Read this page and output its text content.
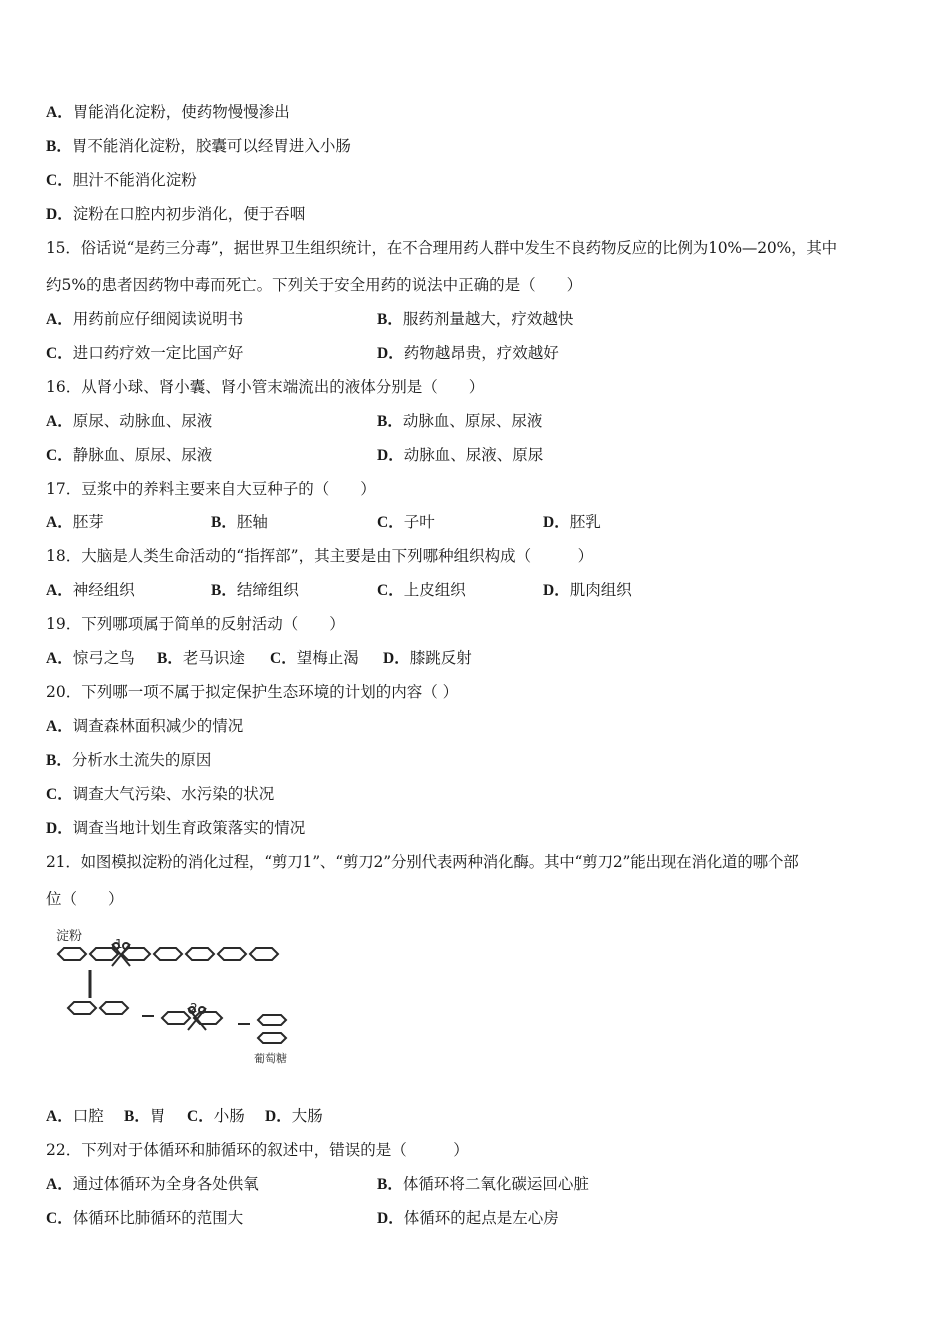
A．胃能消化淀粉，使药物慢慢渗出
B．胃不能消化淀粉，胶囊可以经胃进入小肠
C．胆汁不能消化淀粉
D．淀粉在口腔内初步消化，便于吞咽
15．俗话说“是药三分毒”，据世界卫生组织统计，在不合理用药人群中发生不良药物反应的比例为10%—20%，其中
约5%的患者因药物中毒而死亡。下列关于安全用药的说法中正确的是（　　）
A．用药前应仔细阅读说明书	B．服药剂量越大，疗效越快
C．进口药疗效一定比国产好	D．药物越昂贵，疗效越好
16．从肾小球、肾小囊、肾小管末端流出的液体分别是（　　）
A．原尿、动脉血、尿液	B．动脉血、原尿、尿液
C．静脉血、原尿、尿液	D．动脉血、尿液、原尿
17．豆浆中的养料主要来自大豆种子的（　　）
A．胚芽	B．胚轴	C．子叶	D．胚乳
18．大脑是人类生命活动的“指挥部”，其主要是由下列哪种组织构成（　　　）
A．神经组织	B．结缔组织	C．上皮组织	D．肌肉组织
19．下列哪项属于简单的反射活动（　　）
A．惊弓之鸟 B．老马识途 C．望梅止渴 D．膝跳反射
20．下列哪一项不属于拟定保护生态环境的计划的内容（ ）
A．调查森林面积减少的情况
B．分析水土流失的原因
C．调查大气污染、水污染的状况
D．调查当地计划生育政策落实的情况
21．如图模拟淀粉的消化过程，“剪刀1”、“剪刀2”分别代表两种消化酶。其中“剪刀2”能出现在消化道的哪个部
位（　　）
淀粉	1
2
葡萄糖
A．口腔 B．胃 C．小肠 D．大肠
22．下列对于体循环和肺循环的叙述中，错误的是（　　　）
A．通过体循环为全身各处供氧	B．体循环将二氧化碳运回心脏
C．体循环比肺循环的范围大	D．体循环的起点是左心房
